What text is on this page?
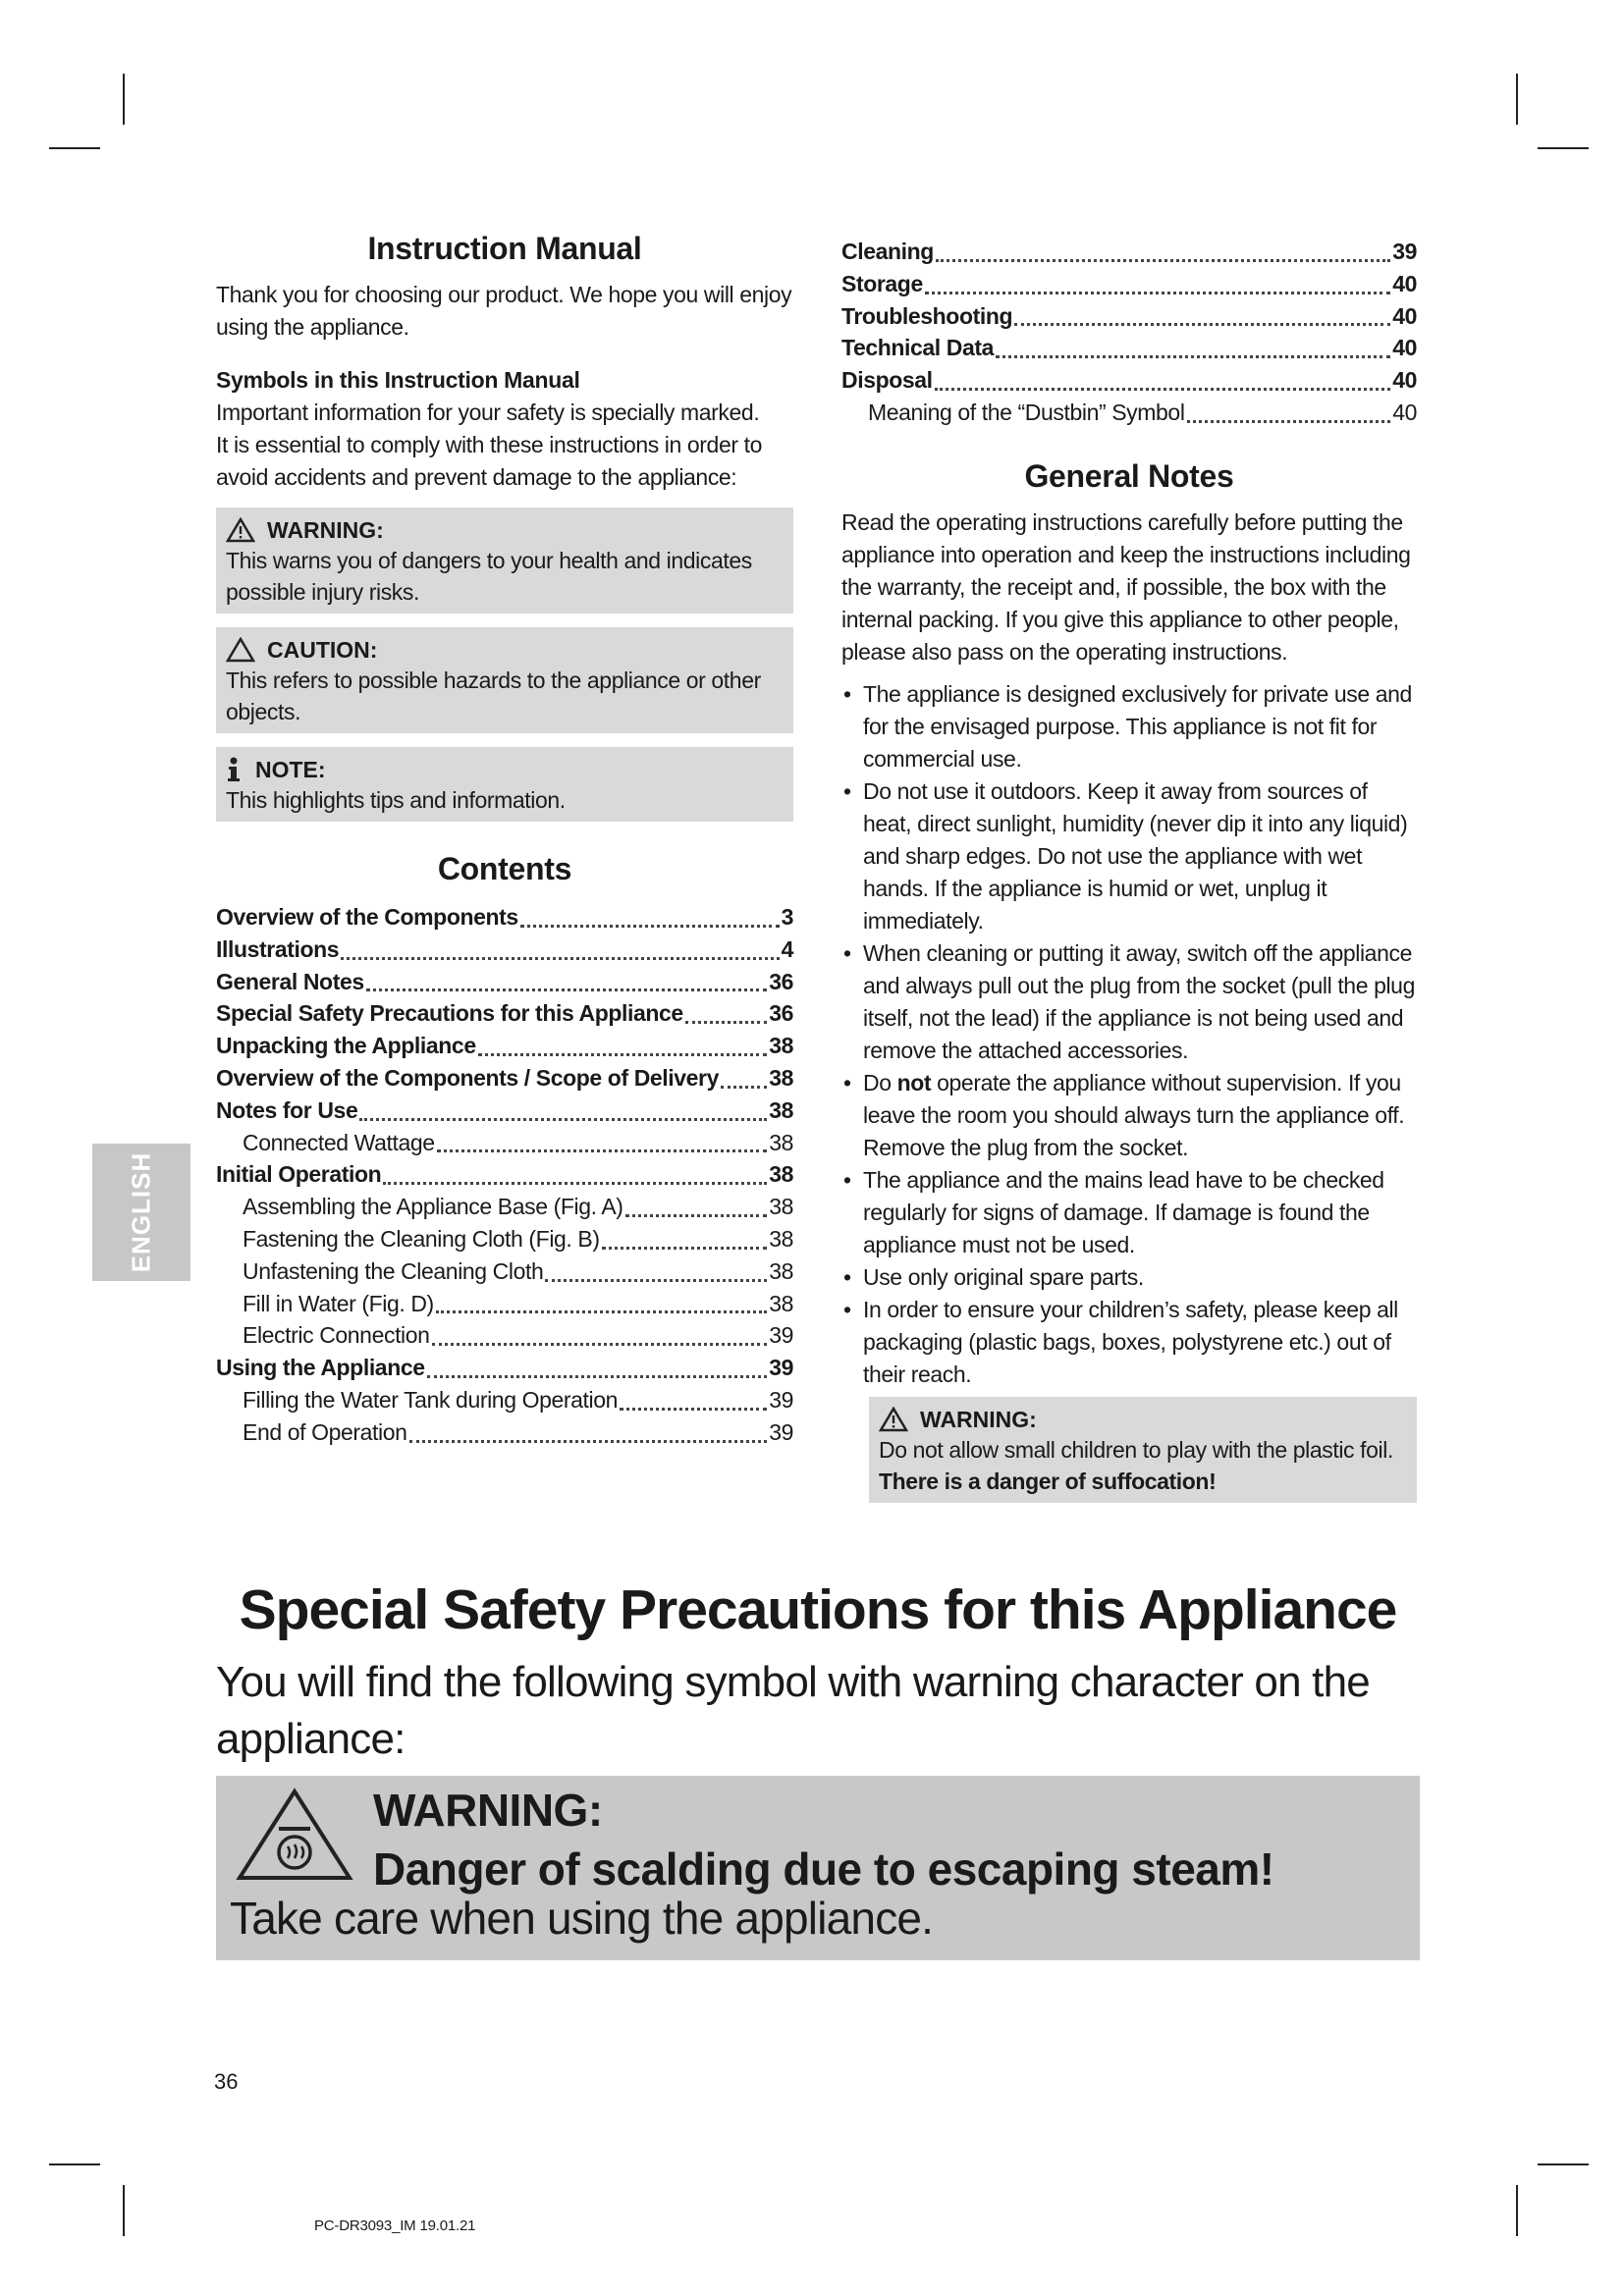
ENGLISH
Instruction Manual

Thank you for choosing our product. We hope you will enjoy using the appliance.

Symbols in this Instruction Manual

Important information for your safety is specially marked.

It is essential to comply with these instructions in order to avoid accidents and prevent damage to the appliance:

WARNING:

This warns you of dangers to your health and indicates possible injury risks.

CAUTION:

This refers to possible hazards to the appliance or other objects.

NOTE:

This highlights tips and information.

Contents
Overview of the Components	3
Illustrations	4
General Notes	36
Special Safety Precautions for this Appliance	36
Unpacking the Appliance	38
Overview of the Components / Scope of Delivery 38
Notes for Use	38
Connected Wattage	38
Initial Operation	38
Assembling the Appliance Base (Fig. A)	38
Fastening the Cleaning Cloth (Fig. B)	38
Unfastening the Cleaning Cloth	38
Fill in Water (Fig. D)	38
Electric Connection	39
Using the Appliance	39
Filling the Water Tank during Operation	39
End of Operation	39
Cleaning	39
Storage	40
Troubleshooting	40
Technical Data	40
Disposal	40
Meaning of the “Dustbin” Symbol	40
General Notes

Read the operating instructions carefully before putting the appliance into operation and keep the instructions including the warranty, the receipt and, if possible, the box with the internal packing. If you give this appliance to other people, please also pass on the operating instructions.

• The appliance is designed exclusively for private use and for the envisaged purpose. This appliance is not fit for commercial use.
• Do not use it outdoors. Keep it away from sources of heat, direct sunlight, humidity (never dip it into any liquid) and sharp edges. Do not use the appliance with wet hands. If the appliance is humid or wet, unplug it immediately.
• When cleaning or putting it away, switch off the appliance and always pull out the plug from the socket (pull the plug itself, not the lead) if the appliance is not being used and remove the attached accessories.
• Do not operate the appliance without supervision. If you leave the room you should always turn the appliance off. Remove the plug from the socket.
• The appliance and the mains lead have to be checked regularly for signs of damage. If damage is found the appliance must not be used.
• Use only original spare parts.
• In order to ensure your children’s safety, please keep all packaging (plastic bags, boxes, polystyrene etc.) out of their reach.
WARNING:

Do not allow small children to play with the plastic foil.

There is a danger of suffocation!

Special Safety Precautions for this Appliance

You will find the following symbol with warning character on the appliance:

WARNING:
Danger of scalding due to escaping steam!
Take care when using the appliance.
36
PC-DR3093_IM 19.01.21
